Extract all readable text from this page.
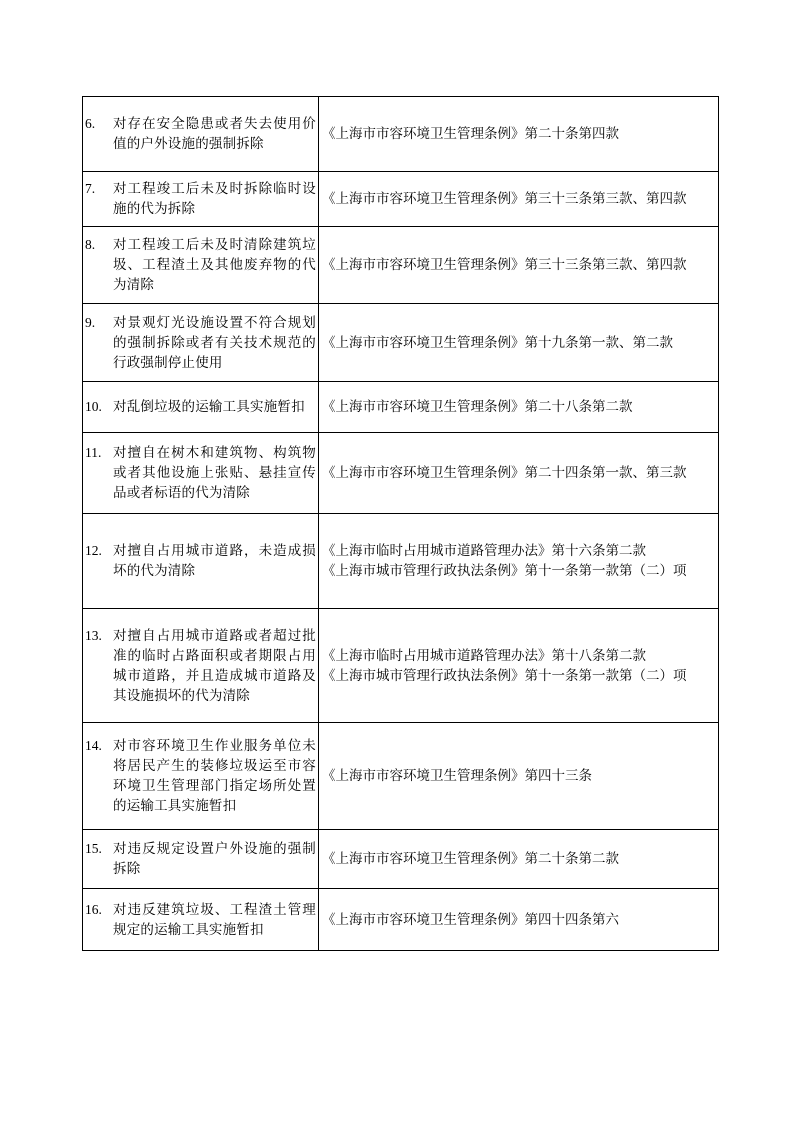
6. 对存在安全隐患或者失去使用价值的户外设施的强制拆除	《上海市市容环境卫生管理条例》第二十条第四款

7. 对工程竣工后未及时拆除临时设施的代为拆除	《上海市市容环境卫生管理条例》第三十三条第三款、第四款

8. 对工程竣工后未及时清除建筑垃圾、工程渣土及其他废弃物的代为清除	《上海市市容环境卫生管理条例》第三十三条第三款、第四款

9. 对景观灯光设施设置不符合规划的强制拆除或者有关技术规范的行政强制停止使用	《上海市市容环境卫生管理条例》第十九条第一款、第二款

10. 对乱倒垃圾的运输工具实施暂扣	《上海市市容环境卫生管理条例》第二十八条第二款

11. 对擅自在树木和建筑物、构筑物或者其他设施上张贴、悬挂宣传品或者标语的代为清除	《上海市市容环境卫生管理条例》第二十四条第一款、第三款

12. 对擅自占用城市道路，未造成损坏的代为清除	《上海市临时占用城市道路管理办法》第十六条第二款
《上海市城市管理行政执法条例》第十一条第一款第（二）项

13. 对擅自占用城市道路或者超过批准的临时占路面积或者期限占用城市道路，并且造成城市道路及其设施损坏的代为清除	《上海市临时占用城市道路管理办法》第十八条第二款
《上海市城市管理行政执法条例》第十一条第一款第（二）项

14. 对市容环境卫生作业服务单位未将居民产生的装修垃圾运至市容环境卫生管理部门指定场所处置的运输工具实施暂扣	《上海市市容环境卫生管理条例》第四十三条

15. 对违反规定设置户外设施的强制拆除	《上海市市容环境卫生管理条例》第二十条第二款

16. 对违反建筑垃圾、工程渣土管理规定的运输工具实施暂扣	《上海市市容环境卫生管理条例》第四十四条第六
